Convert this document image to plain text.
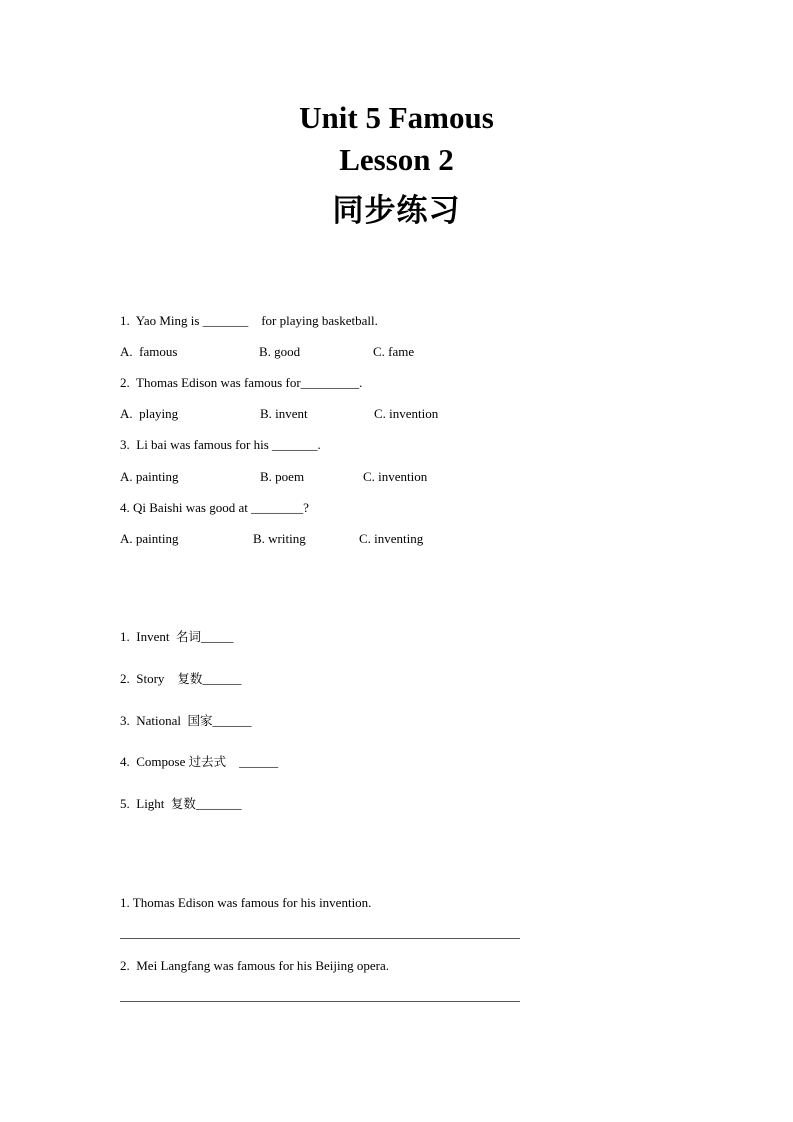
Unit 5 Famous
Lesson 2
同步练习
1.  Yao Ming is _______    for playing basketball.
A.  famous	B. good	C. fame
2.  Thomas Edison was famous for_________.
A.  playing	B. invent	C. invention
3.  Li bai was famous for his _______.
A. painting	B. poem	C. invention
4. Qi Baishi was good at ________?
A. painting	B. writing	C. inventing
1.  Invent  名词_____
2.  Story    复数______
3.  National  国家______
4.  Compose 过去式    ______
5.  Light  复数_______
1. Thomas Edison was famous for his invention.
2.  Mei Langfang was famous for his Beijing opera.
